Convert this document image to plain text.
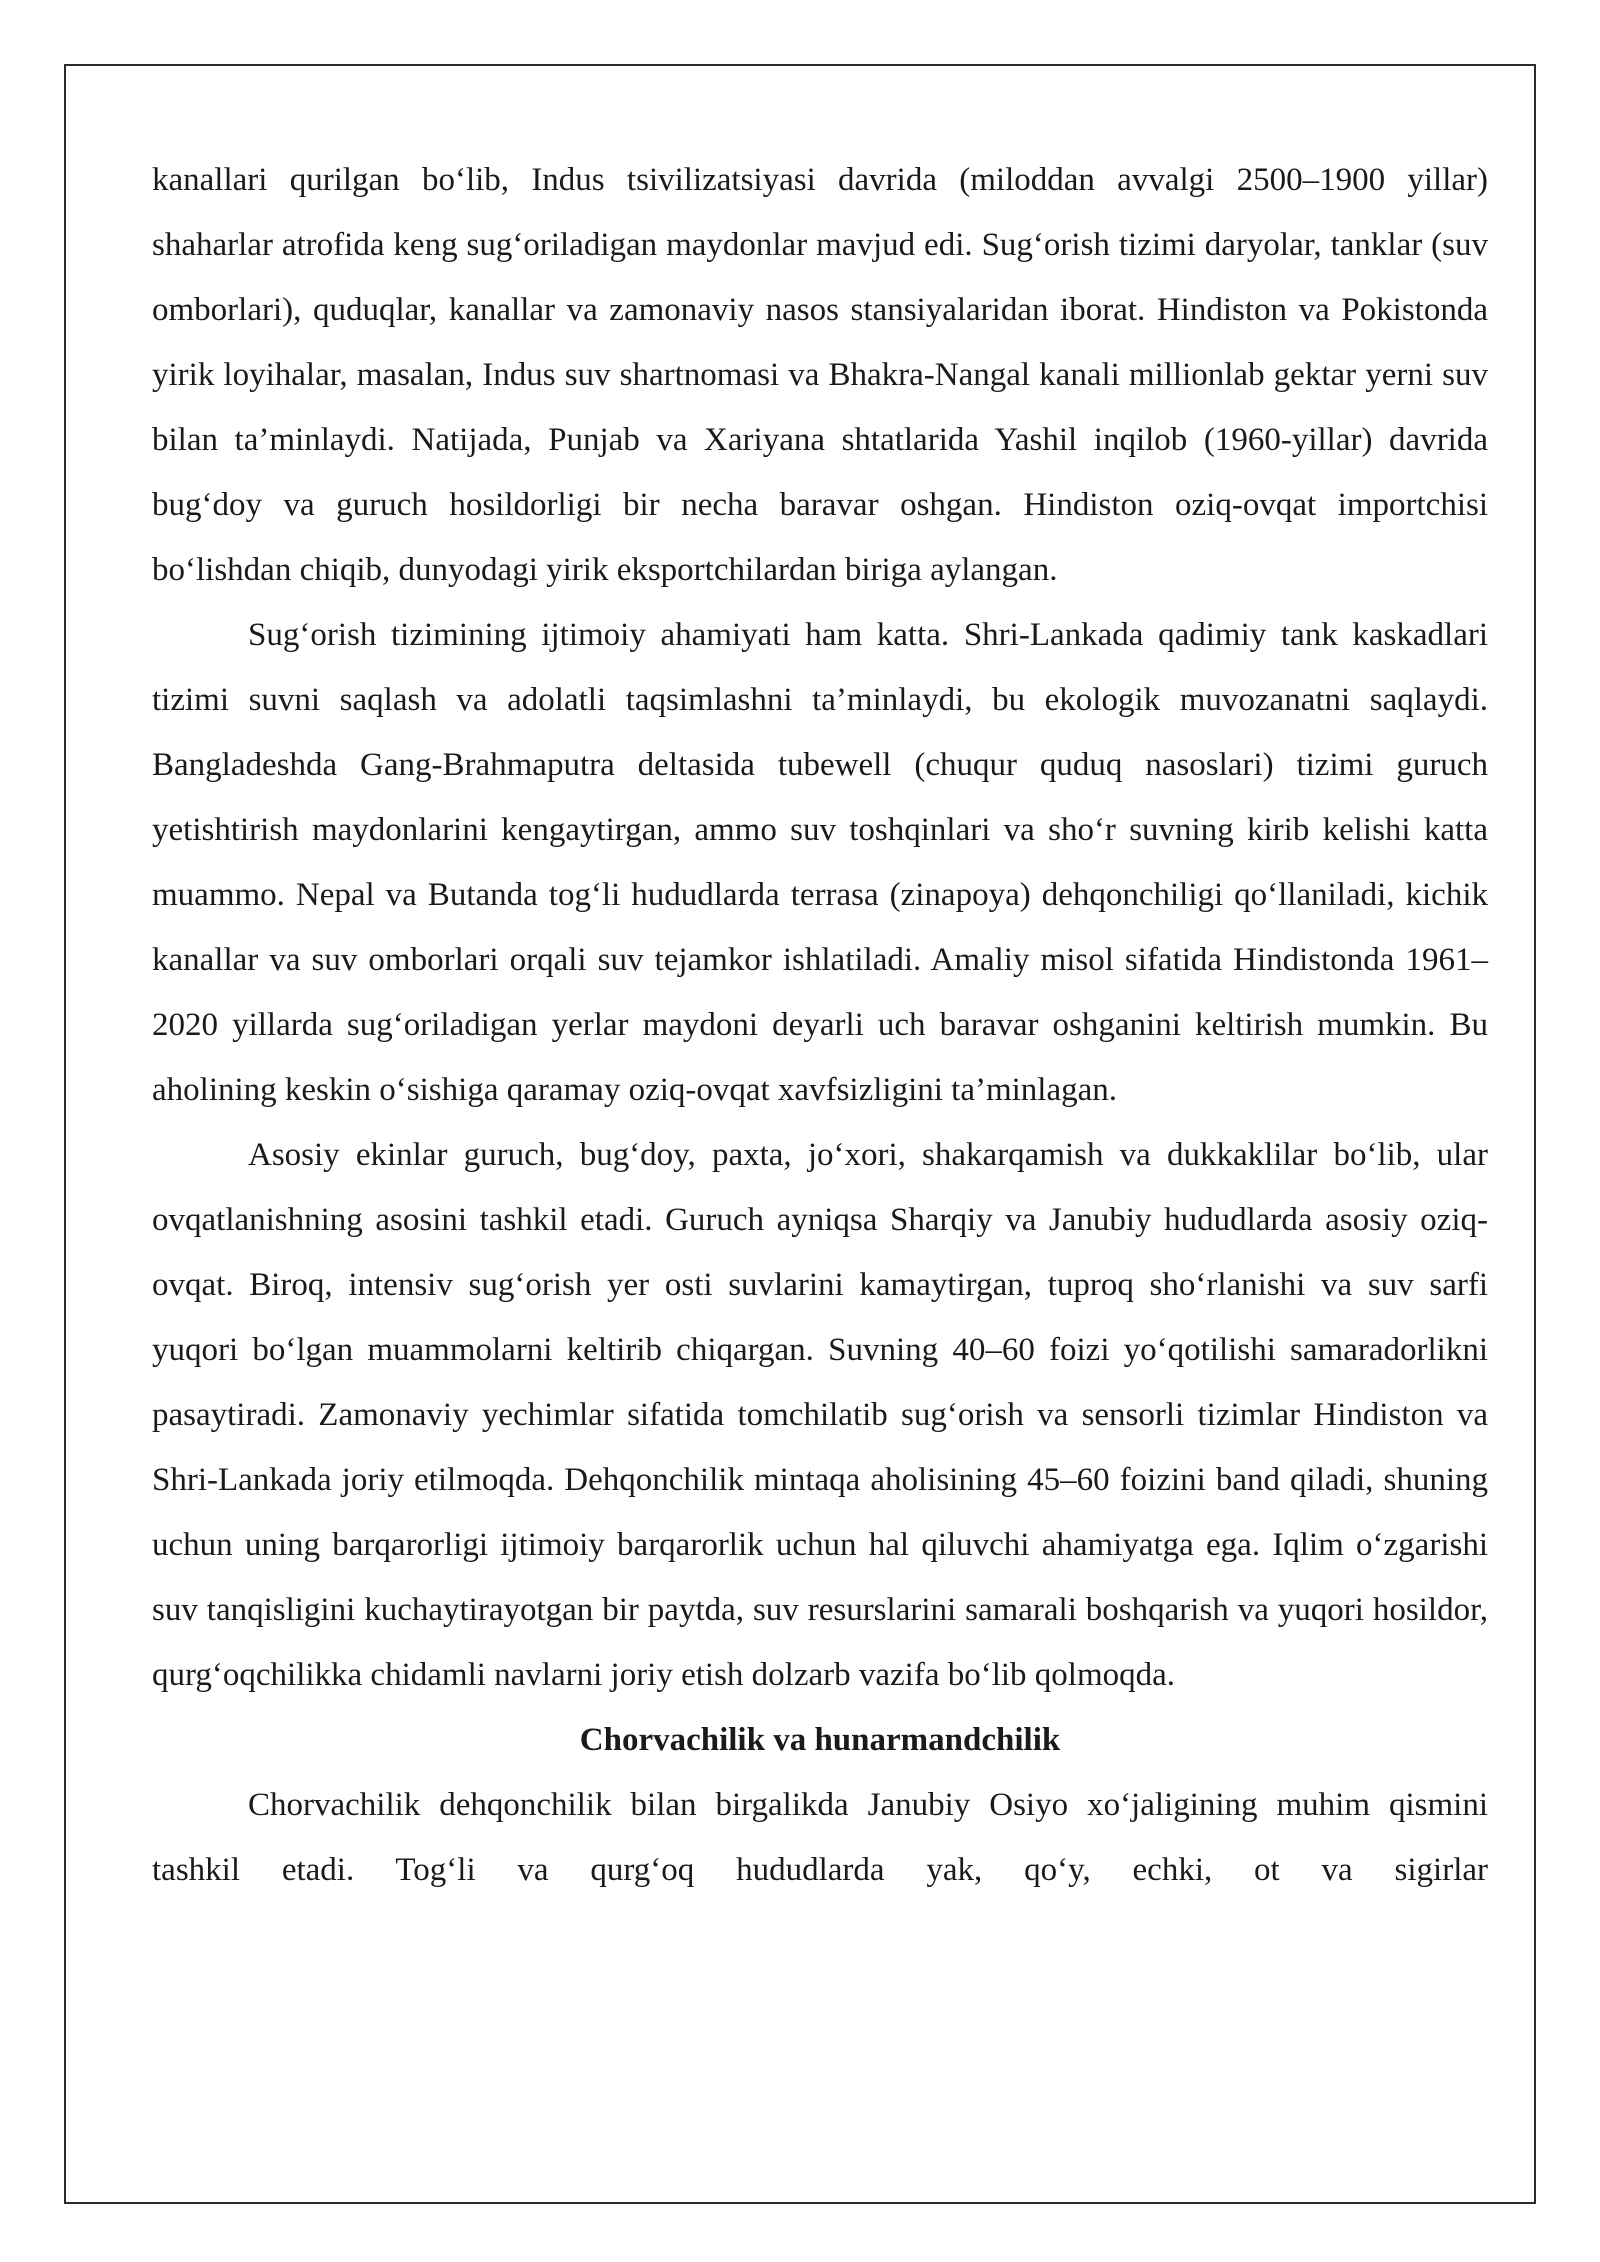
kanallari qurilgan bo‘lib, Indus tsivilizatsiyasi davrida (miloddan avvalgi 2500–1900 yillar) shaharlar atrofida keng sug‘oriladigan maydonlar mavjud edi. Sug‘orish tizimi daryolar, tanklar (suv omborlari), quduqlar, kanallar va zamonaviy nasos stansiyalaridan iborat. Hindiston va Pokistonda yirik loyihalar, masalan, Indus suv shartnomasi va Bhakra-Nangal kanali millionlab gektar yerni suv bilan ta’minlaydi. Natijada, Punjab va Xariyana shtatlarida Yashil inqilob (1960-yillar) davrida bug‘doy va guruch hosildorligi bir necha baravar oshgan. Hindiston oziq-ovqat importchisi bo‘lishdan chiqib, dunyodagi yirik eksportchilardan biriga aylangan.

Sug‘orish tizimining ijtimoiy ahamiyati ham katta. Shri-Lankada qadimiy tank kaskadlari tizimi suvni saqlash va adolatli taqsimlashni ta’minlaydi, bu ekologik muvozanatni saqlaydi. Bangladeshda Gang-Brahmaputra deltasida tubewell (chuqur quduq nasoslari) tizimi guruch yetishtirish maydonlarini kengaytirgan, ammo suv toshqinlari va sho‘r suvning kirib kelishi katta muammo. Nepal va Butanda tog‘li hududlarda terrasa (zinapoya) dehqonchiligi qo‘llaniladi, kichik kanallar va suv omborlari orqali suv tejamkor ishlatiladi. Amaliy misol sifatida Hindistonda 1961–2020 yillarda sug‘oriladigan yerlar maydoni deyarli uch baravar oshganini keltirish mumkin. Bu aholining keskin o‘sishiga qaramay oziq-ovqat xavfsizligini ta’minlagan.

Asosiy ekinlar guruch, bug‘doy, paxta, jo‘xori, shakarqamish va dukkaklilar bo‘lib, ular ovqatlanishning asosini tashkil etadi. Guruch ayniqsa Sharqiy va Janubiy hududlarda asosiy oziq-ovqat. Biroq, intensiv sug‘orish yer osti suvlarini kamaytirgan, tuproq sho‘rlanishi va suv sarfi yuqori bo‘lgan muammolarni keltirib chiqargan. Suvning 40–60 foizi yo‘qotilishi samaradorlikni pasaytiradi. Zamonaviy yechimlar sifatida tomchilatib sug‘orish va sensorli tizimlar Hindiston va Shri-Lankada joriy etilmoqda. Dehqonchilik mintaqa aholisining 45–60 foizini band qiladi, shuning uchun uning barqarorligi ijtimoiy barqarorlik uchun hal qiluvchi ahamiyatga ega. Iqlim o‘zgarishi suv tanqisligini kuchaytirayotgan bir paytda, suv resurslarini samarali boshqarish va yuqori hosildor, qurg‘oqchilikka chidamli navlarni joriy etish dolzarb vazifa bo‘lib qolmoqda.

Chorvachilik va hunarmandchilik

Chorvachilik dehqonchilik bilan birgalikda Janubiy Osiyo xo‘jaligining muhim qismini tashkil etadi. Tog‘li va qurg‘oq hududlarda yak, qo‘y, echki, ot va sigirlar
